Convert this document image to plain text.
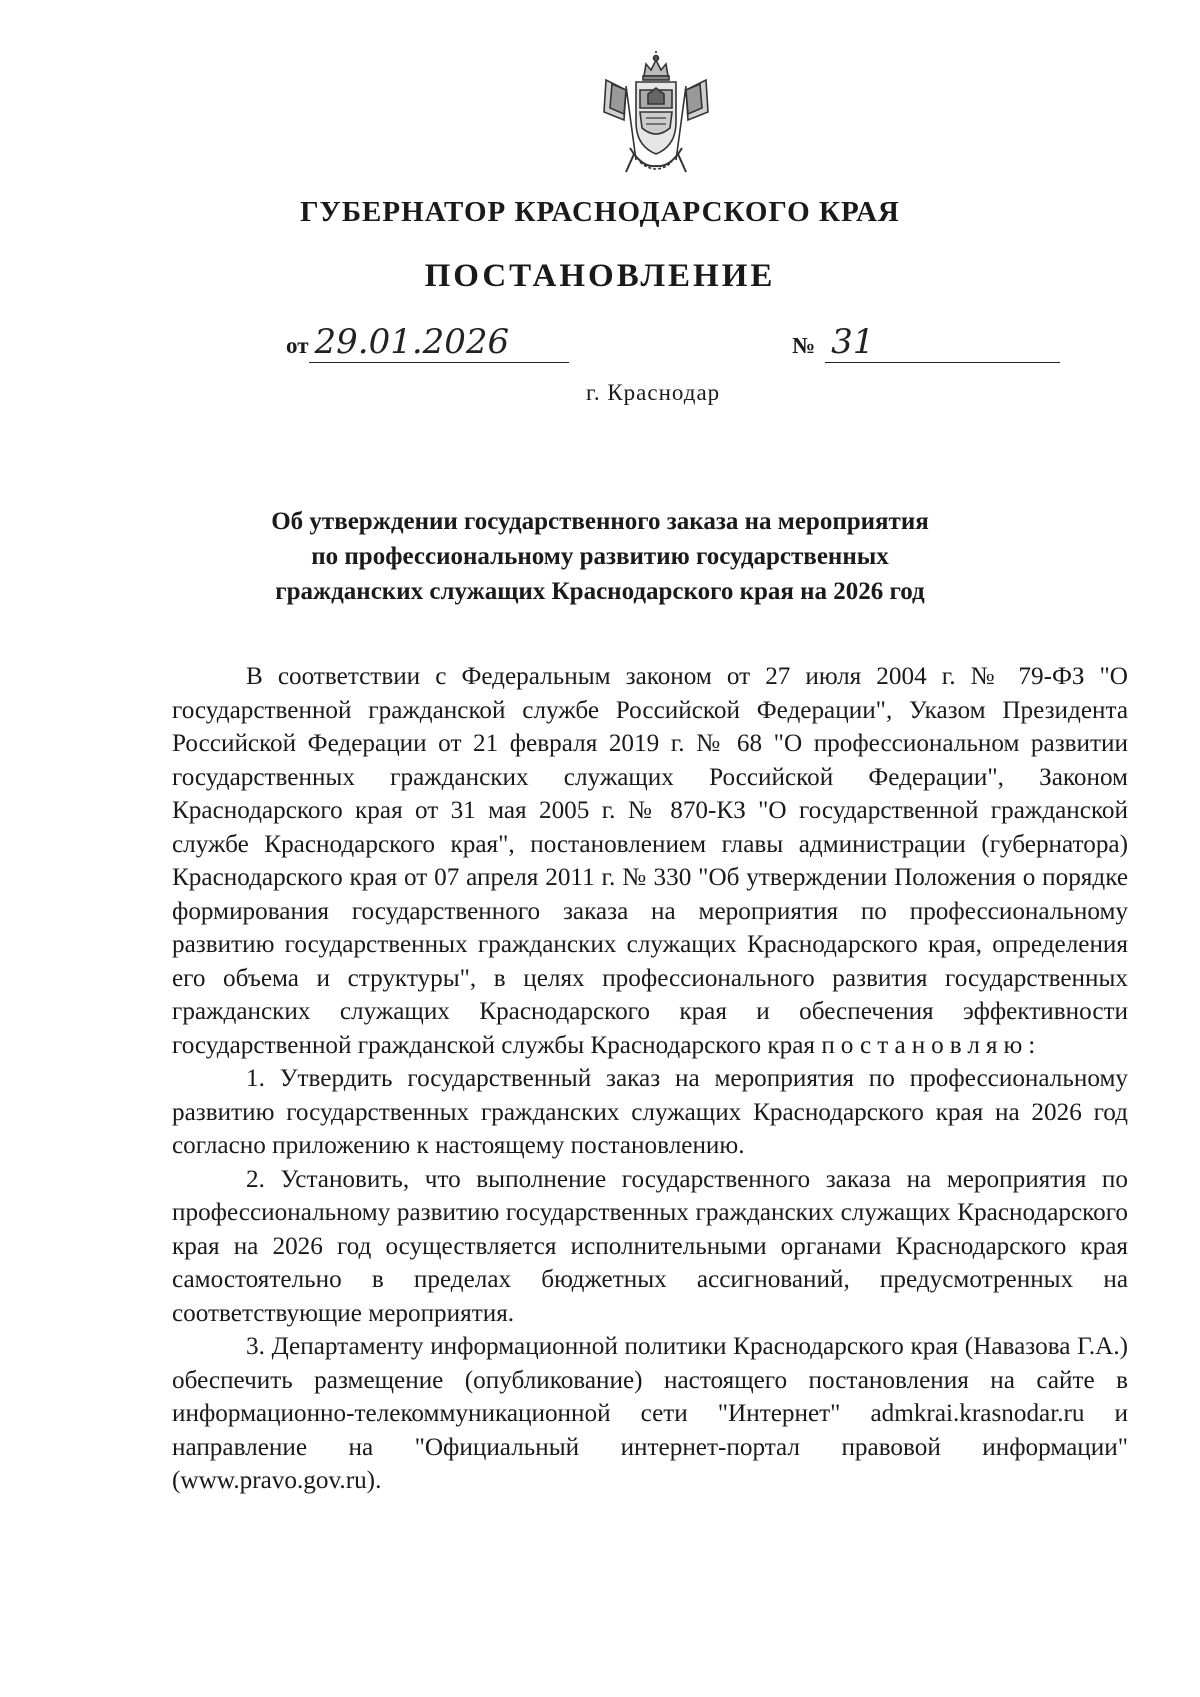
ГУБЕРНАТОР КРАСНОДАРСКОГО КРАЯ
ПОСТАНОВЛЕНИЕ
от 29.01.2026	№ 31
г. Краснодар
Об утверждении государственного заказа на мероприятия
по профессиональному развитию государственных
гражданских служащих Краснодарского края на 2026 год

В соответствии с Федеральным законом от 27 июля 2004 г. № 79-ФЗ "О государственной гражданской службе Российской Федерации", Указом Президента Российской Федерации от 21 февраля 2019 г. № 68 "О профессиональном развитии государственных гражданских служащих Российской Федерации", Законом Краснодарского края от 31 мая 2005 г. № 870-КЗ "О государственной гражданской службе Краснодарского края", постановлением главы администрации (губернатора) Краснодарского края от 07 апреля 2011 г. № 330 "Об утверждении Положения о порядке формирования государственного заказа на мероприятия по профессиональному развитию государственных гражданских служащих Краснодарского края, определения его объема и структуры", в целях профессионального развития государственных гражданских служащих Краснодарского края и обеспечения эффективности государственной гражданской службы Краснодарского края постановляю:

1. Утвердить государственный заказ на мероприятия по профессиональному развитию государственных гражданских служащих Краснодарского края на 2026 год согласно приложению к настоящему постановлению.

2. Установить, что выполнение государственного заказа на мероприятия по профессиональному развитию государственных гражданских служащих Краснодарского края на 2026 год осуществляется исполнительными органами Краснодарского края самостоятельно в пределах бюджетных ассигнований, предусмотренных на соответствующие мероприятия.

3. Департаменту информационной политики Краснодарского края (Навазова Г.А.) обеспечить размещение (опубликование) настоящего постановления на сайте в информационно-телекоммуникационной сети "Интернет" admkrai.krasnodar.ru и направление на "Официальный интернет-портал правовой информации" (www.pravo.gov.ru).
